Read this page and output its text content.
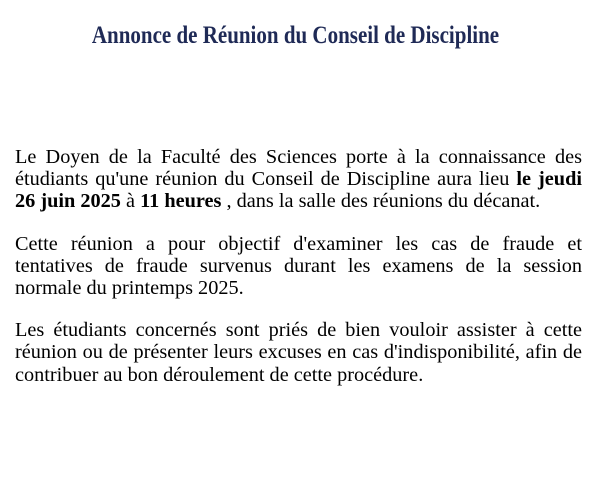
Annonce de Réunion du Conseil de Discipline

Le Doyen de la Faculté des Sciences porte à la connaissance des étudiants qu'une réunion du Conseil de Discipline aura lieu le jeudi 26 juin 2025 à 11 heures , dans la salle des réunions du décanat.

Cette réunion a pour objectif d'examiner les cas de fraude et tentatives de fraude survenus durant les examens de la session normale du printemps 2025.

Les étudiants concernés sont priés de bien vouloir assister à cette réunion ou de présenter leurs excuses en cas d'indisponibilité, afin de contribuer au bon déroulement de cette procédure.
